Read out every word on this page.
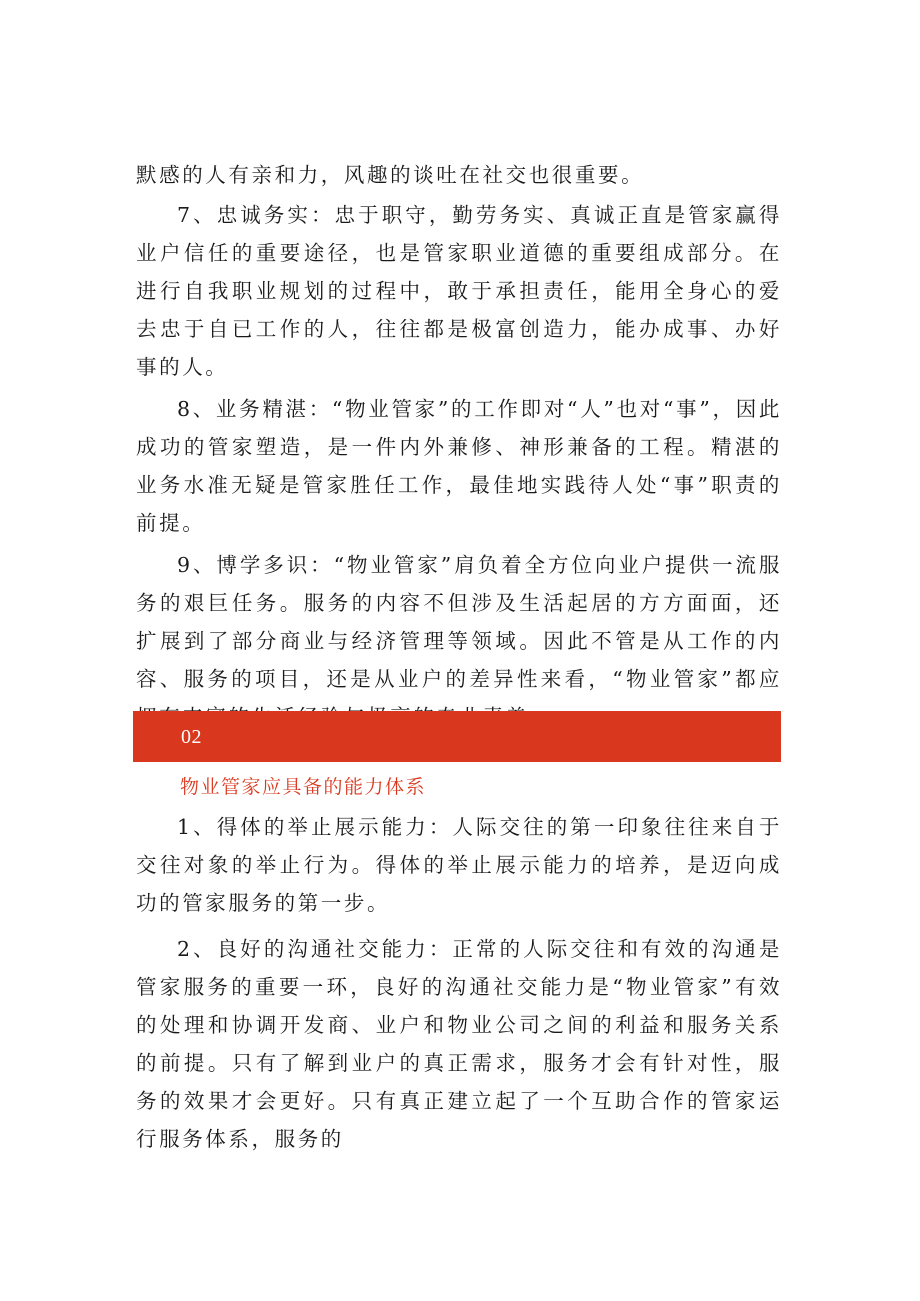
默感的人有亲和力，风趣的谈吐在社交也很重要。

7、忠诚务实：忠于职守，勤劳务实、真诚正直是管家赢得业户信任的重要途径，也是管家职业道德的重要组成部分。在进行自我职业规划的过程中，敢于承担责任，能用全身心的爱去忠于自已工作的人，往往都是极富创造力，能办成事、办好事的人。

8、业务精湛：“物业管家”的工作即对“人”也对“事”，因此成功的管家塑造，是一件内外兼修、神形兼备的工程。精湛的业务水准无疑是管家胜任工作，最佳地实践待人处“事”职责的前提。

9、博学多识：“物业管家”肩负着全方位向业户提供一流服务的艰巨任务。服务的内容不但涉及生活起居的方方面面，还扩展到了部分商业与经济管理等领域。因此不管是从工作的内容、服务的项目，还是从业户的差异性来看，“物业管家”都应

02

物业管家应具备的能力体系

1、得体的举止展示能力：人际交往的第一印象往往来自于交往对象的举止行为。得体的举止展示能力的培养，是迈向成功的管家服务的第一步。

2、良好的沟通社交能力：正常的人际交往和有效的沟通是管家服务的重要一环，良好的沟通社交能力是“物业管家”有效的处理和协调开发商、业户和物业公司之间的利益和服务关系的前提。只有了解到业户的真正需求，服务才会有针对性，服务的效果才会更好。只有真正建立起了一个互助合作的管家运行服务体系，服务的
